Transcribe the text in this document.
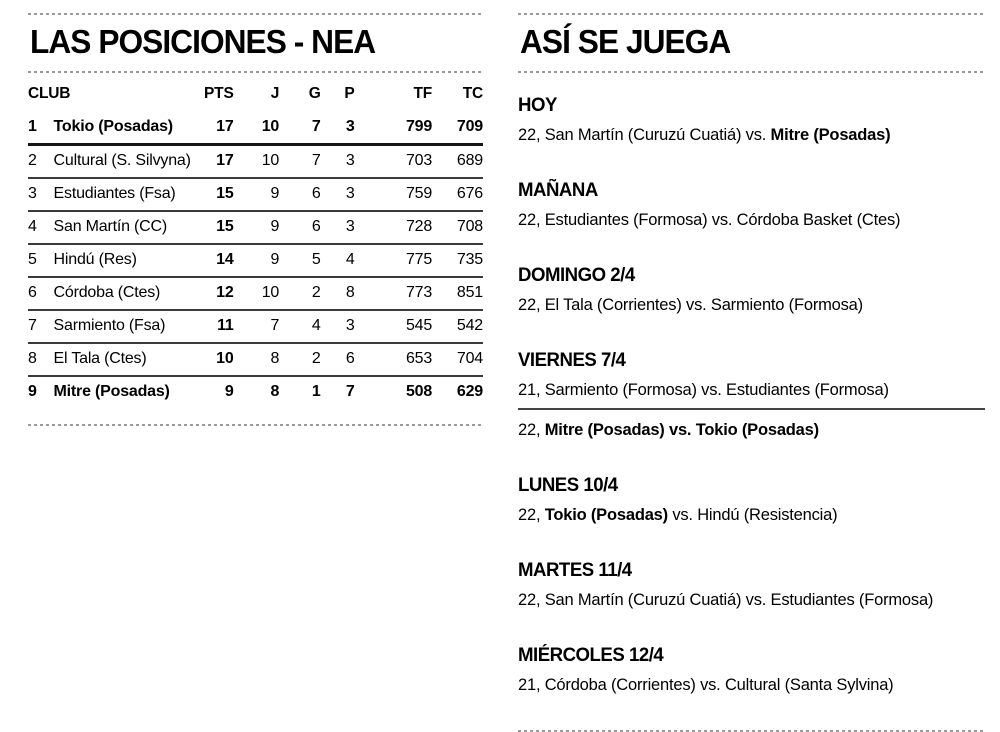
LAS POSICIONES - NEA
CLUB		PTS	J	G	P	TF	TC
1	Tokio (Posadas)	17	10	7	3	799	709
2	Cultural (S. Silvyna)	17	10	7	3	703	689
3	Estudiantes (Fsa)	15	9	6	3	759	676
4	San Martín (CC)	15	9	6	3	728	708
5	Hindú (Res)	14	9	5	4	775	735
6	Córdoba (Ctes)	12	10	2	8	773	851
7	Sarmiento (Fsa)	11	7	4	3	545	542
8	El Tala (Ctes)	10	8	2	6	653	704
9	Mitre (Posadas)	9	8	1	7	508	629
ASÍ SE JUEGA
HOY
22, San Martín (Curuzú Cuatiá) vs. Mitre (Posadas)
MAÑANA
22, Estudiantes (Formosa) vs. Córdoba Basket (Ctes)
DOMINGO 2/4
22, El Tala (Corrientes) vs. Sarmiento (Formosa)
VIERNES 7/4
21, Sarmiento (Formosa) vs. Estudiantes (Formosa)
22, Mitre (Posadas) vs. Tokio (Posadas)
LUNES 10/4
22, Tokio (Posadas) vs. Hindú (Resistencia)
MARTES 11/4
22, San Martín (Curuzú Cuatiá) vs. Estudiantes (Formosa)
MIÉRCOLES 12/4
21, Córdoba (Corrientes) vs. Cultural (Santa Sylvina)
